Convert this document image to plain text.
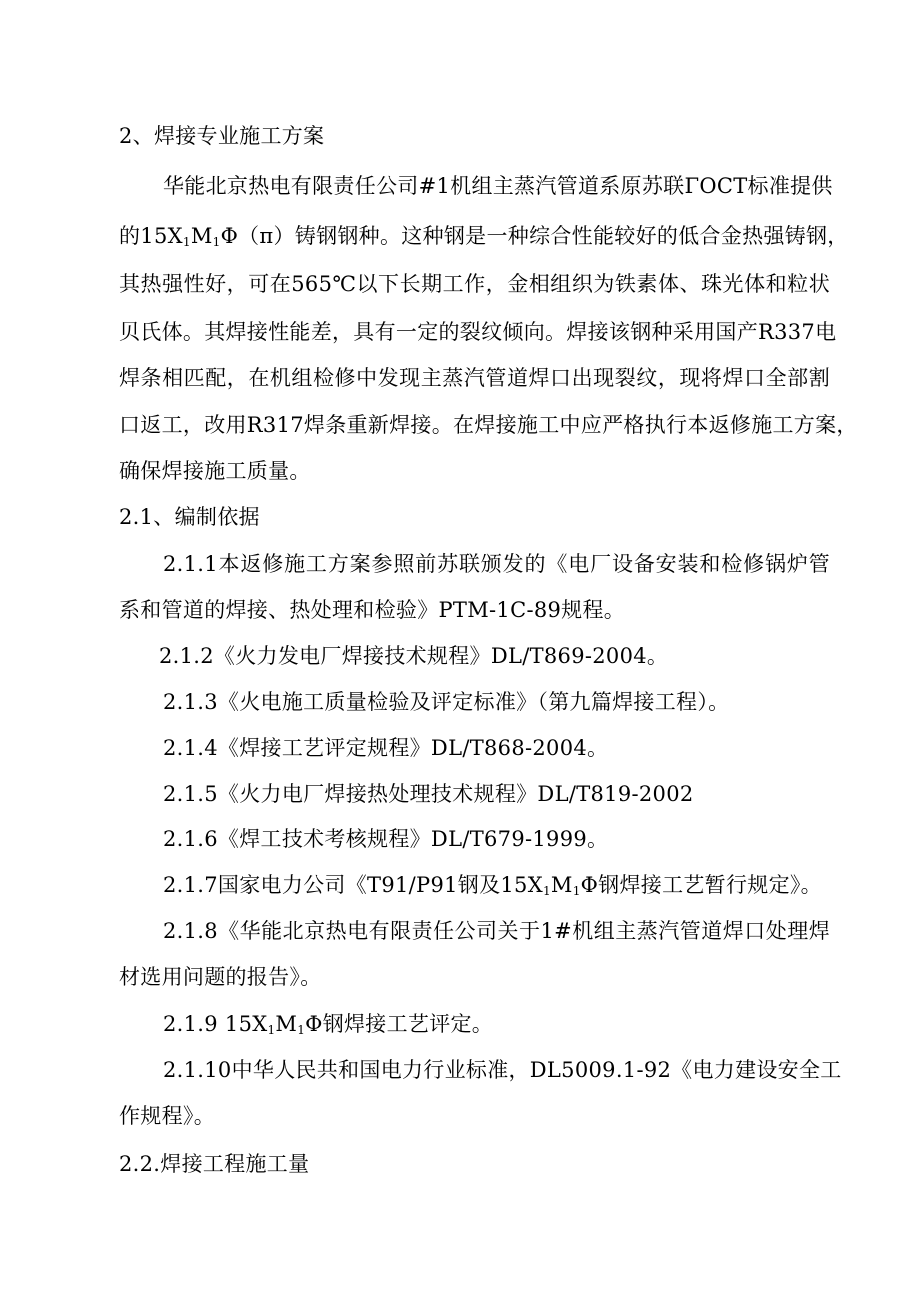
2、焊接专业施工方案
华能北京热电有限责任公司#1机组主蒸汽管道系原苏联ΓOCT标准提供
的$15X_1M_1\Phi(\pi)$铸钢钢种。这种钢是一种综合性能较好的低合金热强铸钢，
其热强性好，可在565℃以下长期工作，金相组织为铁素体、珠光体和粒状
贝氏体。其焊接性能差，具有一定的裂纹倾向。焊接该钢种采用国产R337电
焊条相匹配，在机组检修中发现主蒸汽管道焊口出现裂纹，现将焊口全部割
口返工，改用R317焊条重新焊接。在焊接施工中应严格执行本返修施工方案，
确保焊接施工质量。
2.1、编制依据
2.1.1本返修施工方案参照前苏联颁发的《电厂设备安装和检修锅炉管
系和管道的焊接、热处理和检验》PTM-1C-89规程。
2.1.2《火力发电厂焊接技术规程》DL/T869-2004。
2.1.3《火电施工质量检验及评定标准》（第九篇焊接工程）。
2.1.4《焊接工艺评定规程》DL/T868-2004。
2.1.5《火力电厂焊接热处理技术规程》DL/T819-2002
2.1.6《焊工技术考核规程》DL/T679-1999。
2.1.7国家电力公司《T91/P91钢及$15X_1M_1\Phi$钢焊接工艺暂行规定》。
2.1.8《华能北京热电有限责任公司关于1#机组主蒸汽管道焊口处理焊
材选用问题的报告》。
2.1.9 $15X_1M_1\Phi$钢焊接工艺评定。
2.1.10中华人民共和国电力行业标准，DL5009.1-92《电力建设安全工
作规程》。
2.2.焊接工程施工量
